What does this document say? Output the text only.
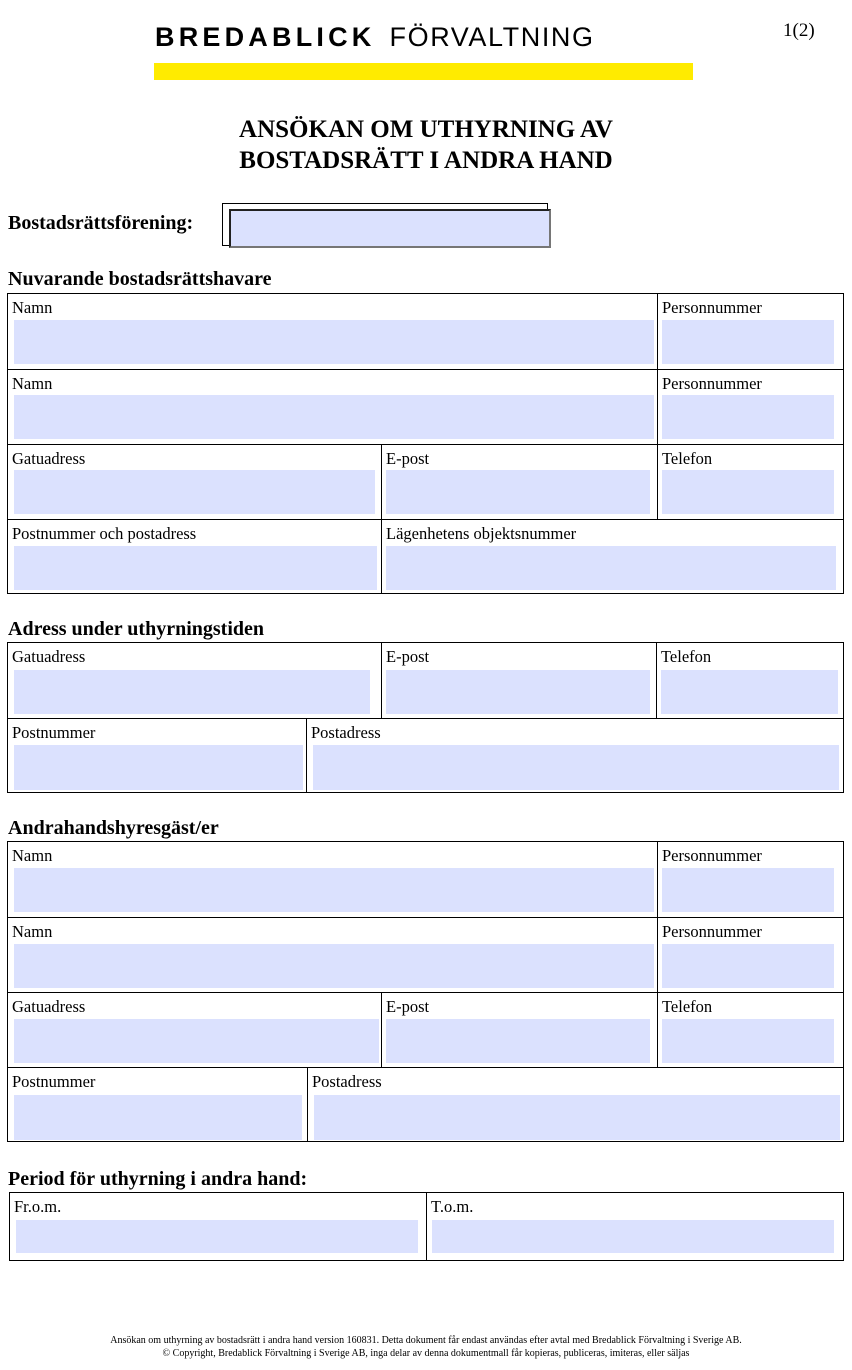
BREDABLICK FÖRVALTNING	1(2)
ANSÖKAN OM UTHYRNING AV
BOSTADSRÄTT I ANDRA HAND
Bostadsrättsförening:
Nuvarande bostadsrättshavare
Namn	Personnummer
Namn	Personnummer
Gatuadress	E-post	Telefon
Postnummer och postadress	Lägenhetens objektsnummer
Adress under uthyrningstiden
Gatuadress	E-post	Telefon
Postnummer	Postadress
Andrahandshyresgäst/er
Namn	Personnummer
Namn	Personnummer
Gatuadress	E-post	Telefon
Postnummer	Postadress
Period för uthyrning i andra hand:
Fr.o.m.	T.o.m.
Ansökan om uthyrning av bostadsrätt i andra hand version 160831. Detta dokument får endast användas efter avtal med Bredablick Förvaltning i Sverige AB.
© Copyright, Bredablick Förvaltning i Sverige AB, inga delar av denna dokumentmall får kopieras, publiceras, imiteras, eller säljas
